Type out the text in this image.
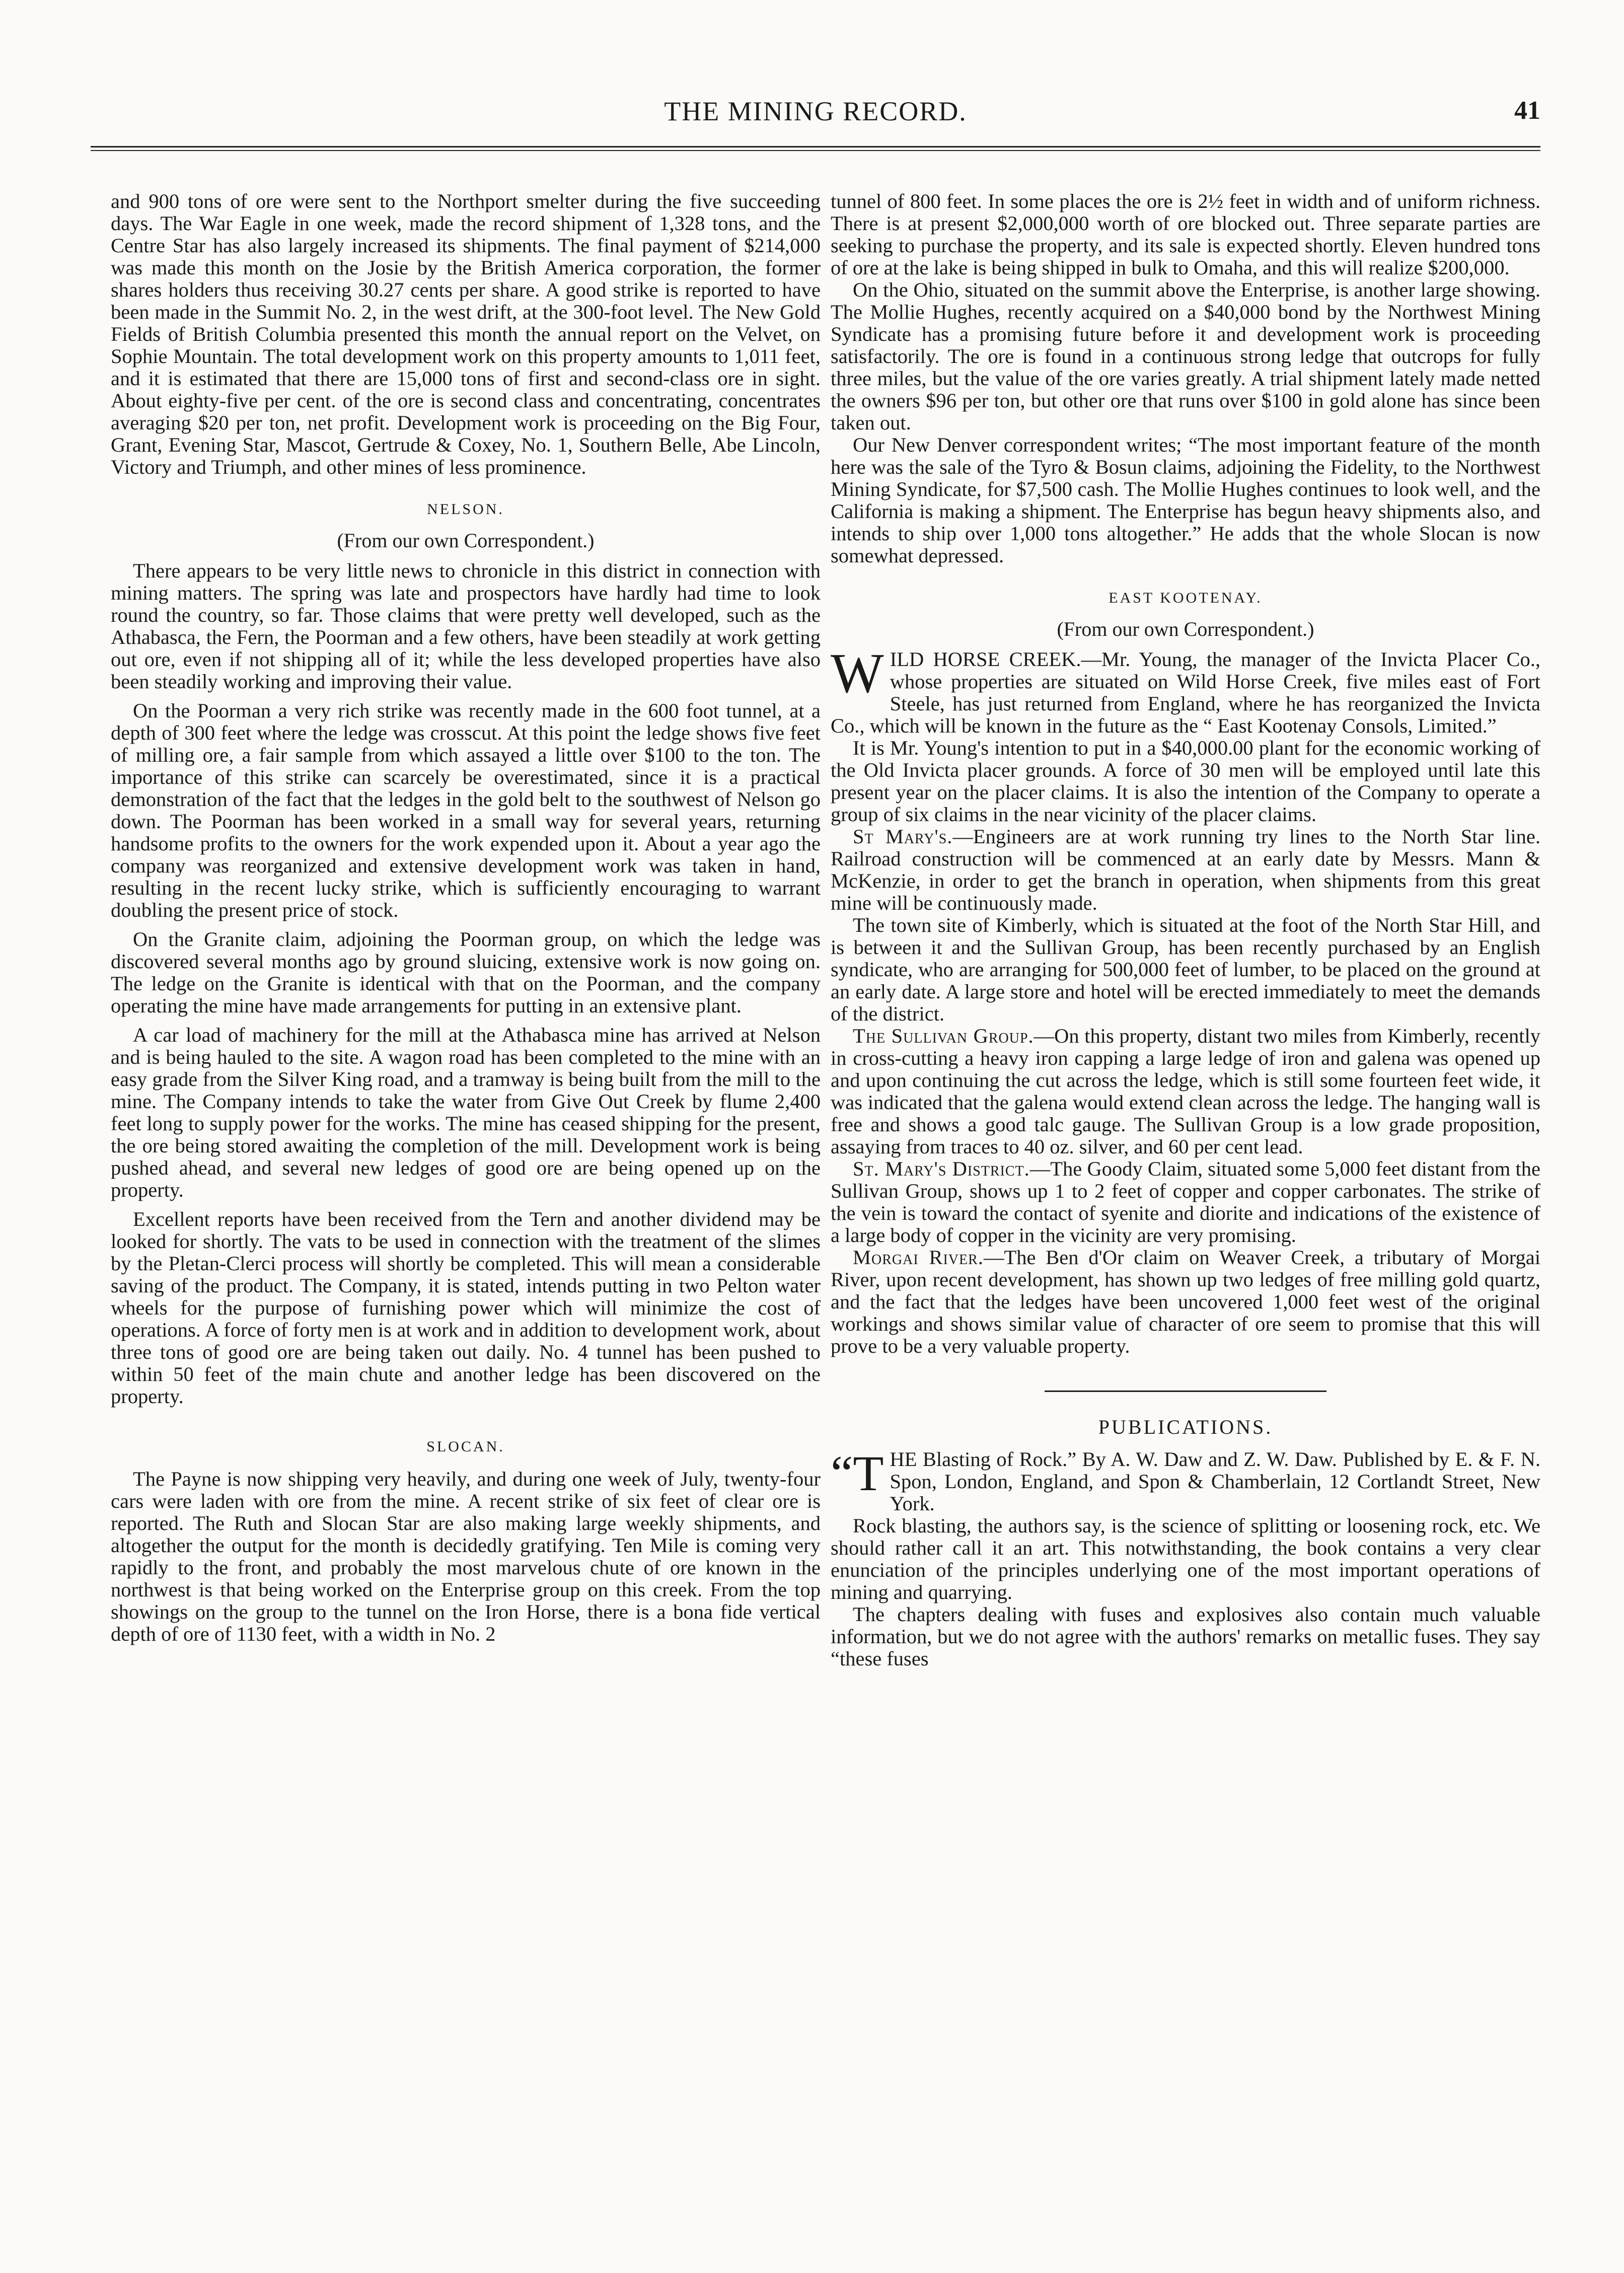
THE MINING RECORD.	41

and 900 tons of ore were sent to the Northport smelter during the five succeeding days. The War Eagle in one week, made the record shipment of 1,328 tons, and the Centre Star has also largely increased its shipments. The final payment of $214,000 was made this month on the Josie by the British America corporation, the former shares holders thus receiving 30.27 cents per share. A good strike is reported to have been made in the Summit No. 2, in the west drift, at the 300-foot level. The New Gold Fields of British Columbia presented this month the annual report on the Velvet, on Sophie Mountain. The total development work on this property amounts to 1,011 feet, and it is estimated that there are 15,000 tons of first and second-class ore in sight. About eighty-five per cent. of the ore is second class and concentrating, concentrates averaging $20 per ton, net profit. Development work is proceeding on the Big Four, Grant, Evening Star, Mascot, Gertrude & Coxey, No. 1, Southern Belle, Abe Lincoln, Victory and Triumph, and other mines of less prominence.

NELSON.
(From our own Correspondent.)

There appears to be very little news to chronicle in this district in connection with mining matters. The spring was late and prospectors have hardly had time to look round the country, so far. Those claims that were pretty well developed, such as the Athabasca, the Fern, the Poorman and a few others, have been steadily at work getting out ore, even if not shipping all of it; while the less developed properties have also been steadily working and improving their value.

On the Poorman a very rich strike was recently made in the 600 foot tunnel, at a depth of 300 feet where the ledge was crosscut. At this point the ledge shows five feet of milling ore, a fair sample from which assayed a little over $100 to the ton. The importance of this strike can scarcely be overestimated, since it is a practical demonstration of the fact that the ledges in the gold belt to the southwest of Nelson go down. The Poorman has been worked in a small way for several years, returning handsome profits to the owners for the work expended upon it. About a year ago the company was reorganized and extensive development work was taken in hand, resulting in the recent lucky strike, which is sufficiently encouraging to warrant doubling the present price of stock.

On the Granite claim, adjoining the Poorman group, on which the ledge was discovered several months ago by ground sluicing, extensive work is now going on. The ledge on the Granite is identical with that on the Poorman, and the company operating the mine have made arrangements for putting in an extensive plant.

A car load of machinery for the mill at the Athabasca mine has arrived at Nelson and is being hauled to the site. A wagon road has been completed to the mine with an easy grade from the Silver King road, and a tramway is being built from the mill to the mine. The Company intends to take the water from Give Out Creek by flume 2,400 feet long to supply power for the works. The mine has ceased shipping for the present, the ore being stored awaiting the completion of the mill. Development work is being pushed ahead, and several new ledges of good ore are being opened up on the property.

Excellent reports have been received from the Tern and another dividend may be looked for shortly. The vats to be used in connection with the treatment of the slimes by the Pletan-Clerci process will shortly be completed. This will mean a considerable saving of the product. The Company, it is stated, intends putting in two Pelton water wheels for the purpose of furnishing power which will minimize the cost of operations. A force of forty men is at work and in addition to development work, about three tons of good ore are being taken out daily. No. 4 tunnel has been pushed to within 50 feet of the main chute and another ledge has been discovered on the property.

SLOCAN.

The Payne is now shipping very heavily, and during one week of July, twenty-four cars were laden with ore from the mine. A recent strike of six feet of clear ore is reported. The Ruth and Slocan Star are also making large weekly shipments, and altogether the output for the month is decidedly gratifying. Ten Mile is coming very rapidly to the front, and probably the most marvelous chute of ore known in the northwest is that being worked on the Enterprise group on this creek. From the top showings on the group to the tunnel on the Iron Horse, there is a bona fide vertical depth of ore of 1130 feet, with a width in No. 2

tunnel of 800 feet. In some places the ore is 2½ feet in width and of uniform richness. There is at present $2,000,000 worth of ore blocked out. Three separate parties are seeking to purchase the property, and its sale is expected shortly. Eleven hundred tons of ore at the lake is being shipped in bulk to Omaha, and this will realize $200,000.

On the Ohio, situated on the summit above the Enterprise, is another large showing. The Mollie Hughes, recently acquired on a $40,000 bond by the Northwest Mining Syndicate has a promising future before it and development work is proceeding satisfactorily. The ore is found in a continuous strong ledge that outcrops for fully three miles, but the value of the ore varies greatly. A trial shipment lately made netted the owners $96 per ton, but other ore that runs over $100 in gold alone has since been taken out.

Our New Denver correspondent writes; “The most important feature of the month here was the sale of the Tyro & Bosun claims, adjoining the Fidelity, to the Northwest Mining Syndicate, for $7,500 cash. The Mollie Hughes continues to look well, and the California is making a shipment. The Enterprise has begun heavy shipments also, and intends to ship over 1,000 tons altogether.” He adds that the whole Slocan is now somewhat depressed.

EAST KOOTENAY.
(From our own Correspondent.)

WILD HORSE CREEK.—Mr. Young, the manager of the Invicta Placer Co., whose properties are situated on Wild Horse Creek, five miles east of Fort Steele, has just returned from England, where he has reorganized the Invicta Co., which will be known in the future as the “ East Kootenay Consols, Limited.”

It is Mr. Young's intention to put in a $40,000.00 plant for the economic working of the Old Invicta placer grounds. A force of 30 men will be employed until late this present year on the placer claims. It is also the intention of the Company to operate a group of six claims in the near vicinity of the placer claims.

St Mary's.—Engineers are at work running try lines to the North Star line. Railroad construction will be commenced at an early date by Messrs. Mann & McKenzie, in order to get the branch in operation, when shipments from this great mine will be continuously made.

The town site of Kimberly, which is situated at the foot of the North Star Hill, and is between it and the Sullivan Group, has been recently purchased by an English syndicate, who are arranging for 500,000 feet of lumber, to be placed on the ground at an early date. A large store and hotel will be erected immediately to meet the demands of the district.

The Sullivan Group.—On this property, distant two miles from Kimberly, recently in cross-cutting a heavy iron capping a large ledge of iron and galena was opened up and upon continuing the cut across the ledge, which is still some fourteen feet wide, it was indicated that the galena would extend clean across the ledge. The hanging wall is free and shows a good talc gauge. The Sullivan Group is a low grade proposition, assaying from traces to 40 oz. silver, and 60 per cent lead.

St. Mary's District.—The Goody Claim, situated some 5,000 feet distant from the Sullivan Group, shows up 1 to 2 feet of copper and copper carbonates. The strike of the vein is toward the contact of syenite and diorite and indications of the existence of a large body of copper in the vicinity are very promising.

Morgai River.—The Ben d'Or claim on Weaver Creek, a tributary of Morgai River, upon recent development, has shown up two ledges of free milling gold quartz, and the fact that the ledges have been uncovered 1,000 feet west of the original workings and shows similar value of character of ore seem to promise that this will prove to be a very valuable property.

PUBLICATIONS.

“THE Blasting of Rock.” By A. W. Daw and Z. W. Daw. Published by E. & F. N. Spon, London, England, and Spon & Chamberlain, 12 Cortlandt Street, New York.

Rock blasting, the authors say, is the science of splitting or loosening rock, etc. We should rather call it an art. This notwithstanding, the book contains a very clear enunciation of the principles underlying one of the most important operations of mining and quarrying.

The chapters dealing with fuses and explosives also contain much valuable information, but we do not agree with the authors' remarks on metallic fuses. They say “these fuses
